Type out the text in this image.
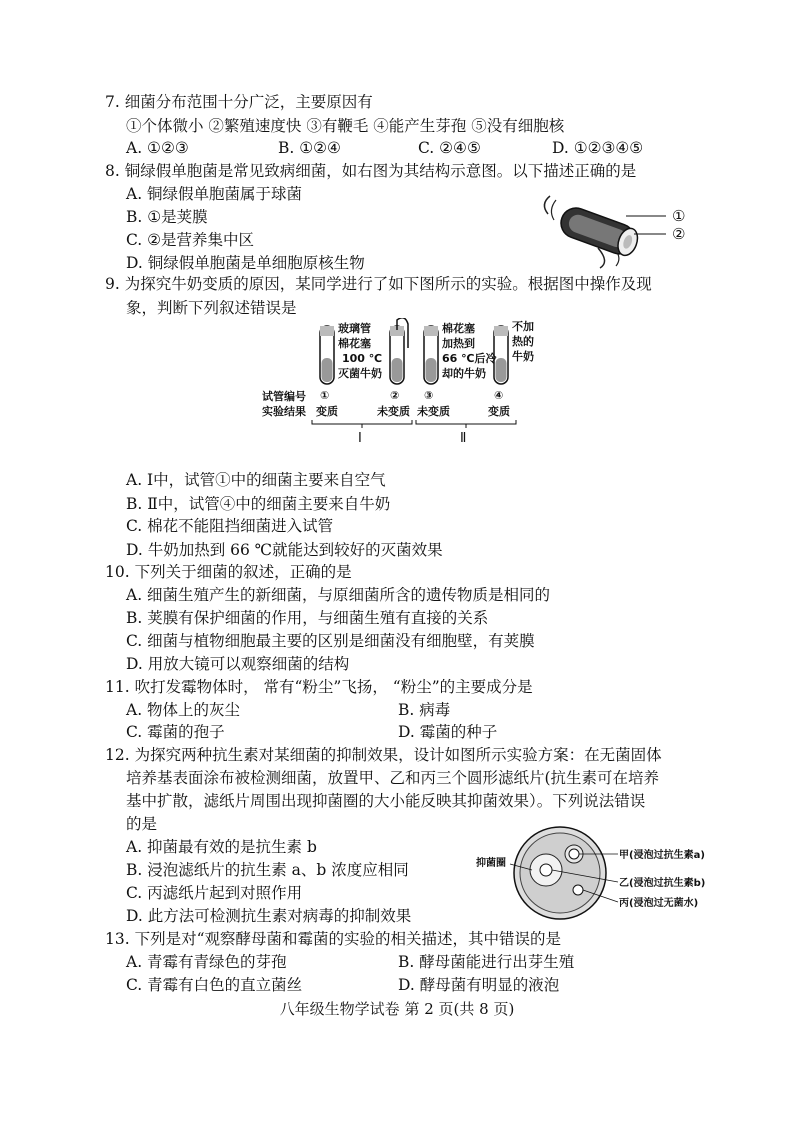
7. 细菌分布范围十分广泛，主要原因有
①个体微小 ②繁殖速度快 ③有鞭毛 ④能产生芽孢 ⑤没有细胞核
A. ①②③	B. ①②④	C. ②④⑤	D. ①②③④⑤
8. 铜绿假单胞菌是常见致病细菌，如右图为其结构示意图。以下描述正确的是
A. 铜绿假单胞菌属于球菌
B. ①是荚膜
C. ②是营养集中区
D. 铜绿假单胞菌是单细胞原核生物
①
②
9. 为探究牛奶变质的原因，某同学进行了如下图所示的实验。根据图中操作及现
象，判断下列叙述错误是
玻璃管
棉花塞
100 ℃
灭菌牛奶
棉花塞
加热到
66 ℃后冷
却的牛奶
不加
热的
牛奶
试管编号
实验结果
①	② ③	④
变质	未变质 未变质	变质
Ⅰ	Ⅱ
A. Ⅰ中，试管①中的细菌主要来自空气
B. Ⅱ中，试管④中的细菌主要来自牛奶
C. 棉花不能阻挡细菌进入试管
D. 牛奶加热到 66 ℃就能达到较好的灭菌效果
10. 下列关于细菌的叙述，正确的是
A. 细菌生殖产生的新细菌，与原细菌所含的遗传物质是相同的
B. 荚膜有保护细菌的作用，与细菌生殖有直接的关系
C. 细菌与植物细胞最主要的区别是细菌没有细胞壁，有荚膜
D. 用放大镜可以观察细菌的结构
11. 吹打发霉物体时， 常有“粉尘”飞扬， “粉尘”的主要成分是
A. 物体上的灰尘	B. 病毒
C. 霉菌的孢子	D. 霉菌的种子
12. 为探究两种抗生素对某细菌的抑制效果，设计如图所示实验方案：在无菌固体
培养基表面涂布被检测细菌，放置甲、乙和丙三个圆形滤纸片(抗生素可在培养
基中扩散，滤纸片周围出现抑菌圈的大小能反映其抑菌效果）。下列说法错误
的是
A. 抑菌最有效的是抗生素 b
B. 浸泡滤纸片的抗生素 a、b 浓度应相同
C. 丙滤纸片起到对照作用
D. 此方法可检测抗生素对病毒的抑制效果
抑菌圈
甲(浸泡过抗生素a)
乙(浸泡过抗生素b)
丙(浸泡过无菌水)
13. 下列是对“观察酵母菌和霉菌的实验的相关描述，其中错误的是
A. 青霉有青绿色的芽孢	B. 酵母菌能进行出芽生殖
C. 青霉有白色的直立菌丝	D. 酵母菌有明显的液泡
八年级生物学试卷 第 2 页(共 8 页)
